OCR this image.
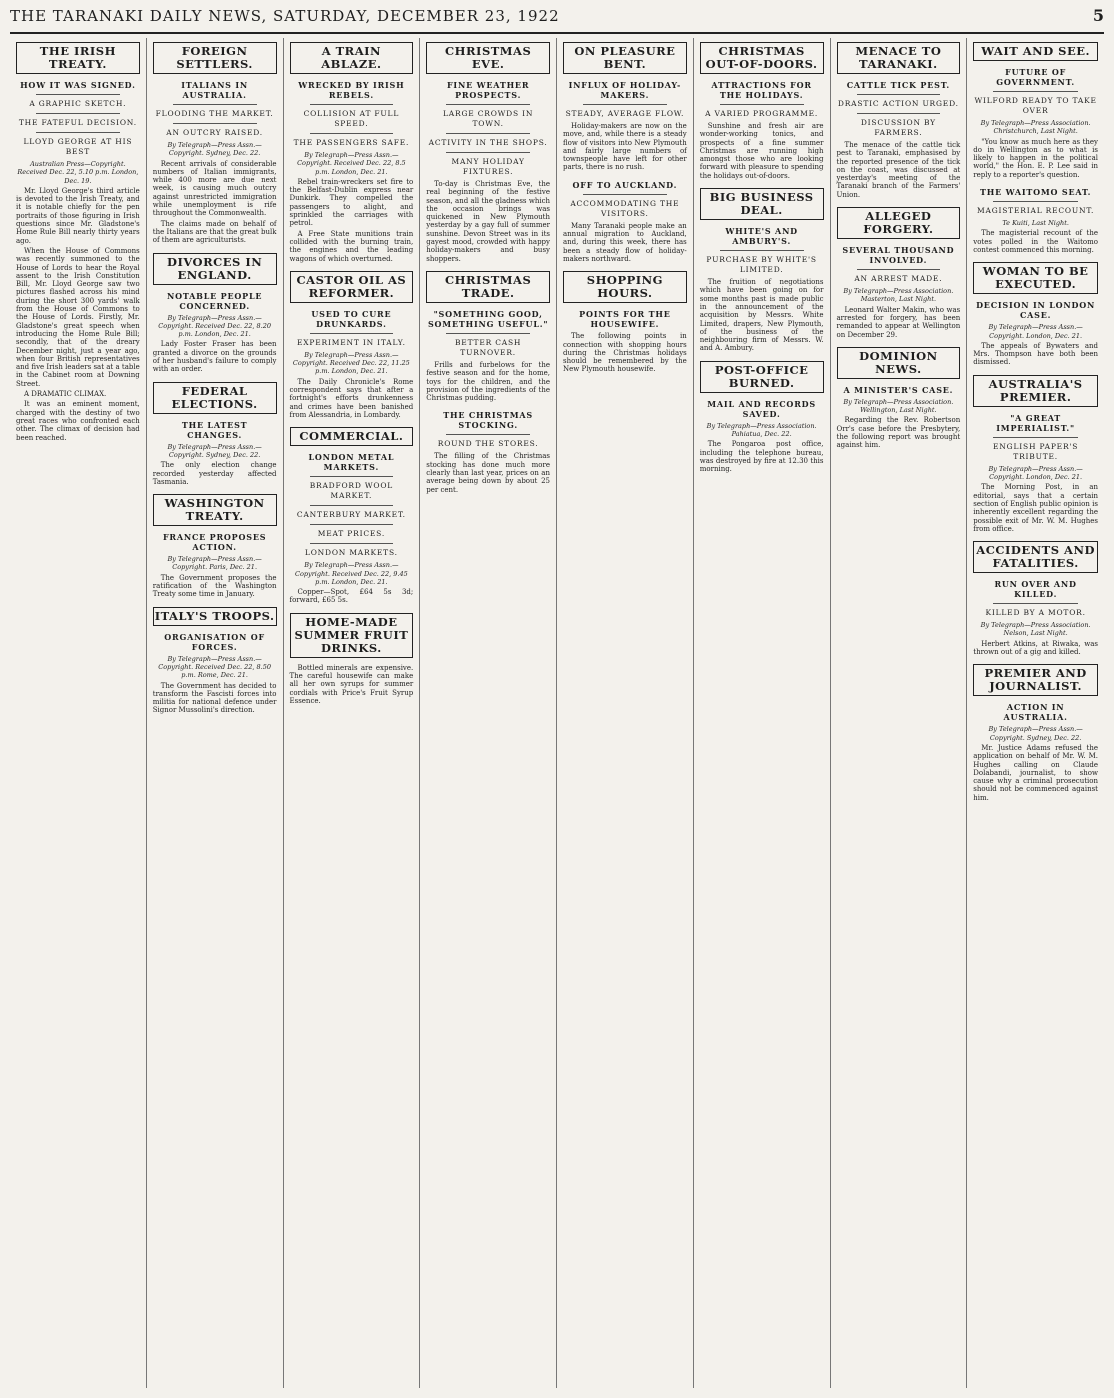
THE TARANAKI DAILY NEWS, SATURDAY, DECEMBER 23, 1922	5
THE IRISH TREATY.
HOW IT WAS SIGNED.
A GRAPHIC SKETCH.
THE FATEFUL DECISION.
LLOYD GEORGE AT HIS BEST
Australian Press—Copyright. Received Dec. 22, 5.10 p.m. London, Dec. 19.

Mr. Lloyd George's third article is devoted to the Irish Treaty, and it is notable chiefly for the pen portraits of those figuring in Irish questions since Mr. Gladstone's Home Rule Bill nearly thirty years ago.

When the House of Commons was recently summoned to the House of Lords to hear the Royal assent to the Irish Constitution Bill, Mr. Lloyd George saw two pictures flashed across his mind during the short 300 yards' walk from the House of Commons to the House of Lords. Firstly, Mr. Gladstone's great speech when introducing the Home Rule Bill; secondly, that of the dreary December night, just a year ago, when four British representatives and five Irish leaders sat at a table in the Cabinet room at Downing Street.

A DRAMATIC CLIMAX.

It was an eminent moment, charged with the destiny of two great races who confronted each other. The climax of decision had been reached.

FOREIGN SETTLERS.
ITALIANS IN AUSTRALIA.
FLOODING THE MARKET.
AN OUTCRY RAISED.
By Telegraph—Press Assn.—Copyright. Sydney, Dec. 22.

Recent arrivals of considerable numbers of Italian immigrants, while 400 more are due next week, is causing much outcry against unrestricted immigration while unemployment is rife throughout the Commonwealth.

The claims made on behalf of the Italians are that the great bulk of them are agriculturists.

DIVORCES IN ENGLAND.
NOTABLE PEOPLE CONCERNED.
By Telegraph—Press Assn.—Copyright. Received Dec. 22, 8.20 p.m. London, Dec. 21.

Lady Foster Fraser has been granted a divorce on the grounds of her husband's failure to comply with an order.

FEDERAL ELECTIONS.
THE LATEST CHANGES.
By Telegraph—Press Assn.—Copyright. Sydney, Dec. 22.

The only election change recorded yesterday affected Tasmania.

WASHINGTON TREATY.
FRANCE PROPOSES ACTION.
By Telegraph—Press Assn.—Copyright. Paris, Dec. 21.

The Government proposes the ratification of the Washington Treaty some time in January.

ITALY'S TROOPS.
ORGANISATION OF FORCES.
By Telegraph—Press Assn.—Copyright. Received Dec. 22, 8.50 p.m. Rome, Dec. 21.

The Government has decided to transform the Fascisti forces into militia for national defence under Signor Mussolini's direction.

A TRAIN ABLAZE.
WRECKED BY IRISH REBELS.
COLLISION AT FULL SPEED.
THE PASSENGERS SAFE.
By Telegraph—Press Assn.—Copyright. Received Dec. 22, 8.5 p.m. London, Dec. 21.

Rebel train-wreckers set fire to the Belfast-Dublin express near Dunkirk. They compelled the passengers to alight, and sprinkled the carriages with petrol.

A Free State munitions train collided with the burning train, the engines and the leading wagons of which overturned.

CASTOR OIL AS REFORMER.
USED TO CURE DRUNKARDS.
EXPERIMENT IN ITALY.
By Telegraph—Press Assn.—Copyright. Received Dec. 22, 11.25 p.m. London, Dec. 21.

The Daily Chronicle's Rome correspondent says that after a fortnight's efforts drunkenness and crimes have been banished from Alessandria, in Lombardy.

COMMERCIAL.
LONDON METAL MARKETS.
BRADFORD WOOL MARKET.
CANTERBURY MARKET.
MEAT PRICES.
LONDON MARKETS.
By Telegraph—Press Assn.—Copyright. Received Dec. 22, 9.45 p.m. London, Dec. 21.

Copper—Spot, £64 5s 3d; forward, £65 5s.

HOME-MADE SUMMER FRUIT DRINKS.

Bottled minerals are expensive. The careful housewife can make all her own syrups for summer cordials with Price's Fruit Syrup Essence.

CHRISTMAS EVE.
FINE WEATHER PROSPECTS.
LARGE CROWDS IN TOWN.
ACTIVITY IN THE SHOPS.
MANY HOLIDAY FIXTURES.

To-day is Christmas Eve, the real beginning of the festive season, and all the gladness which the occasion brings was quickened in New Plymouth yesterday by a gay full of summer sunshine. Devon Street was in its gayest mood, crowded with happy holiday-makers and busy shoppers.

CHRISTMAS TRADE.
"SOMETHING GOOD, SOMETHING USEFUL."
BETTER CASH TURNOVER.

Frills and furbelows for the festive season and for the home, toys for the children, and the provision of the ingredients of the Christmas pudding.

THE CHRISTMAS STOCKING.
ROUND THE STORES.

The filling of the Christmas stocking has done much more clearly than last year, prices on an average being down by about 25 per cent.

ON PLEASURE BENT.
INFLUX OF HOLIDAY-MAKERS.
STEADY, AVERAGE FLOW.

Holiday-makers are now on the move, and, while there is a steady flow of visitors into New Plymouth and fairly large numbers of townspeople have left for other parts, there is no rush.

OFF TO AUCKLAND.
ACCOMMODATING THE VISITORS.

Many Taranaki people make an annual migration to Auckland, and, during this week, there has been a steady flow of holiday-makers northward.

SHOPPING HOURS.
POINTS FOR THE HOUSEWIFE.

The following points in connection with shopping hours during the Christmas holidays should be remembered by the New Plymouth housewife.

CHRISTMAS OUT-OF-DOORS.
ATTRACTIONS FOR THE HOLIDAYS.
A VARIED PROGRAMME.

Sunshine and fresh air are wonder-working tonics, and prospects of a fine summer Christmas are running high amongst those who are looking forward with pleasure to spending the holidays out-of-doors.

BIG BUSINESS DEAL.
WHITE'S AND AMBURY'S.
PURCHASE BY WHITE'S LIMITED.

The fruition of negotiations which have been going on for some months past is made public in the announcement of the acquisition by Messrs. White Limited, drapers, New Plymouth, of the business of the neighbouring firm of Messrs. W. and A. Ambury.

POST-OFFICE BURNED.
MAIL AND RECORDS SAVED.
By Telegraph—Press Association. Pahiatua, Dec. 22.

The Pongaroa post office, including the telephone bureau, was destroyed by fire at 12.30 this morning.

MENACE TO TARANAKI.
CATTLE TICK PEST.
DRASTIC ACTION URGED.
DISCUSSION BY FARMERS.

The menace of the cattle tick pest to Taranaki, emphasised by the reported presence of the tick on the coast, was discussed at yesterday's meeting of the Taranaki branch of the Farmers' Union.

ALLEGED FORGERY.
SEVERAL THOUSAND INVOLVED.
AN ARREST MADE.
By Telegraph—Press Association. Masterton, Last Night.

Leonard Walter Makin, who was arrested for forgery, has been remanded to appear at Wellington on December 29.

DOMINION NEWS.
A MINISTER'S CASE.
By Telegraph—Press Association. Wellington, Last Night.

Regarding the Rev. Robertson Orr's case before the Presbytery, the following report was brought against him.

WAIT AND SEE.
FUTURE OF GOVERNMENT.
WILFORD READY TO TAKE OVER
By Telegraph—Press Association. Christchurch, Last Night.

"You know as much here as they do in Wellington as to what is likely to happen in the political world," the Hon. E. P. Lee said in reply to a reporter's question.

THE WAITOMO SEAT.
MAGISTERIAL RECOUNT.
Te Kuiti, Last Night.

The magisterial recount of the votes polled in the Waitomo contest commenced this morning.

WOMAN TO BE EXECUTED.
DECISION IN LONDON CASE.
By Telegraph—Press Assn.—Copyright. London, Dec. 21.

The appeals of Bywaters and Mrs. Thompson have both been dismissed.

AUSTRALIA'S PREMIER.
"A GREAT IMPERIALIST."
ENGLISH PAPER'S TRIBUTE.
By Telegraph—Press Assn.—Copyright. London, Dec. 21.

The Morning Post, in an editorial, says that a certain section of English public opinion is inherently excellent regarding the possible exit of Mr. W. M. Hughes from office.

ACCIDENTS AND FATALITIES.
RUN OVER AND KILLED.
KILLED BY A MOTOR.
By Telegraph—Press Association. Nelson, Last Night.

Herbert Atkins, at Riwaka, was thrown out of a gig and killed.

PREMIER AND JOURNALIST.
ACTION IN AUSTRALIA.
By Telegraph—Press Assn.—Copyright. Sydney, Dec. 22.

Mr. Justice Adams refused the application on behalf of Mr. W. M. Hughes calling on Claude Dolabandi, journalist, to show cause why a criminal prosecution should not be commenced against him.
